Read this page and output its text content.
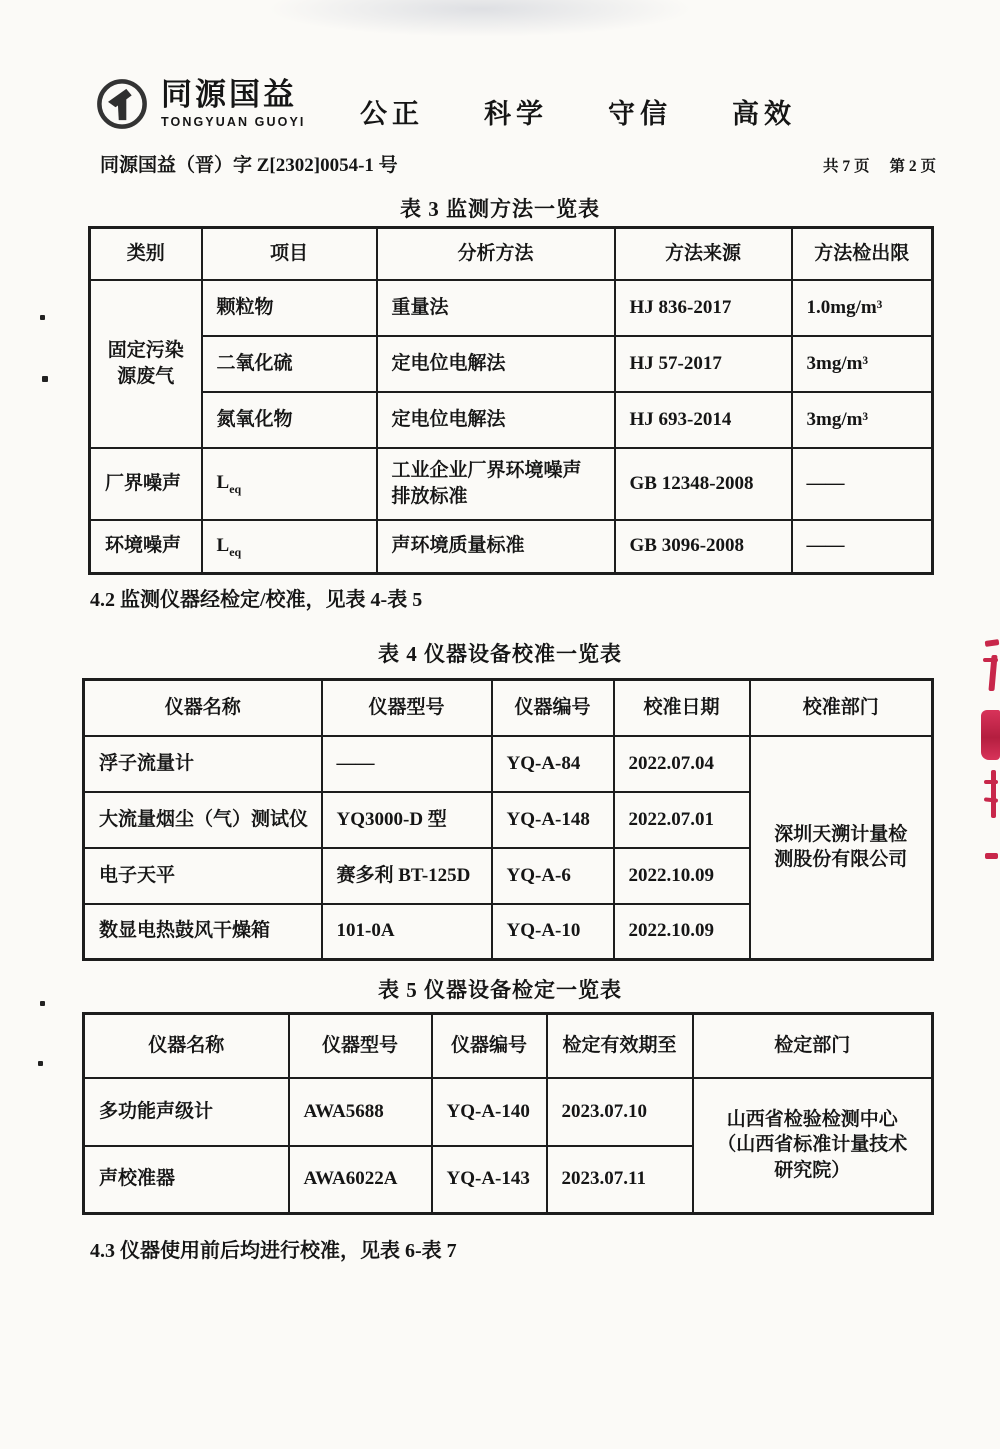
同源国益
TONGYUAN GUOYI 公正 科学 守信 高效
同源国益（晋）字 Z[2302]0054-1 号	共 7 页 第 2 页
表 3 监测方法一览表
类别	项目	分析方法	方法来源	方法检出限
固定污染源废气	颗粒物	重量法	HJ 836-2017	1.0mg/m³
	二氧化硫	定电位电解法	HJ 57-2017	3mg/m³
	氮氧化物	定电位电解法	HJ 693-2014	3mg/m³
厂界噪声	$L_{eq}$	工业企业厂界环境噪声排放标准	GB 12348-2008	——
环境噪声	$L_{eq}$	声环境质量标准	GB 3096-2008	——
4.2 监测仪器经检定/校准，见表 4-表 5
表 4 仪器设备校准一览表
仪器名称	仪器型号	仪器编号	校准日期	校准部门
浮子流量计	——	YQ-A-84	2022.07.04	深圳天溯计量检测股份有限公司
大流量烟尘（气）测试仪	YQ3000-D 型	YQ-A-148	2022.07.01	
电子天平	赛多利 BT-125D	YQ-A-6	2022.10.09	
数显电热鼓风干燥箱	101-0A	YQ-A-10	2022.10.09	
表 5 仪器设备检定一览表
仪器名称	仪器型号	仪器编号	检定有效期至	检定部门
多功能声级计	AWA5688	YQ-A-140	2023.07.10	山西省检验检测中心（山西省标准计量技术研究院）
声校准器	AWA6022A	YQ-A-143	2023.07.11	
4.3 仪器使用前后均进行校准，见表 6-表 7
